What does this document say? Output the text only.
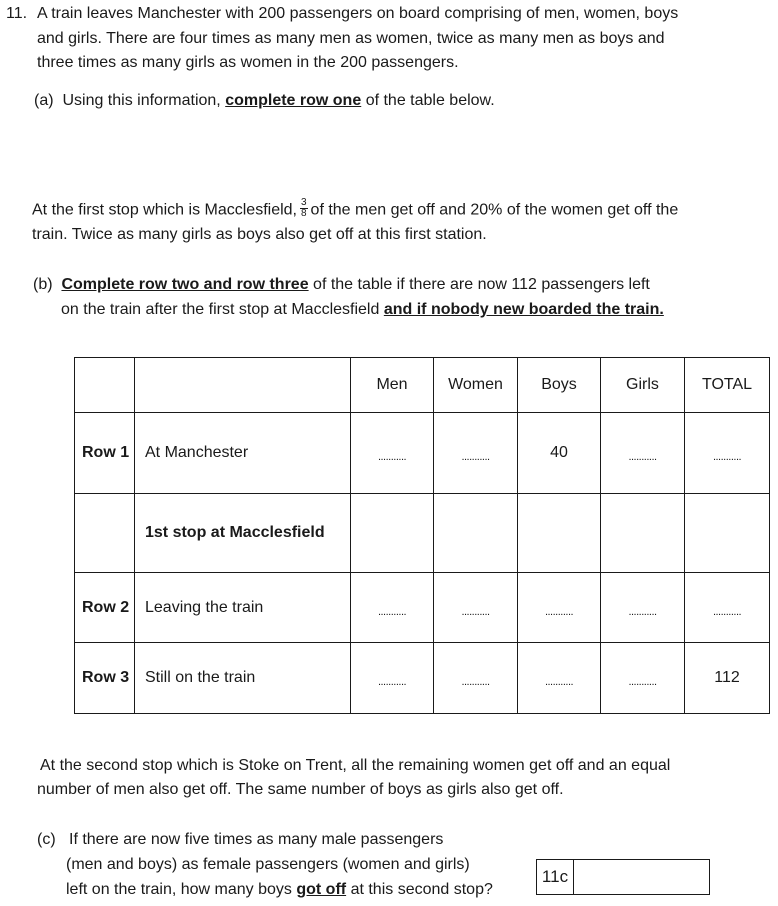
11. A train leaves Manchester with 200 passengers on board comprising of men, women, boys
and girls. There are four times as many men as women, twice as many men as boys and
three times as many girls as women in the 200 passengers.
(a) Using this information, complete row one of the table below.
At the first stop which is Macclesfield, $\frac{3}{8}$ of the men get off and 20% of the women get off the
train. Twice as many girls as boys also get off at this first station.
(b) Complete row two and row three of the table if there are now 112 passengers left
on the train after the first stop at Macclesfield and if nobody new boarded the train.
		Men	Women	Boys	Girls	TOTAL
Row 1	At Manchester	...........	...........	40	...........	...........
	1st stop at Macclesfield					
Row 2	Leaving the train	...........	...........	...........	...........	...........
Row 3	Still on the train	...........	...........	...........	...........	112
At the second stop which is Stoke on Trent, all the remaining women get off and an equal
number of men also get off. The same number of boys as girls also get off.
(c) If there are now five times as many male passengers
(men and boys) as female passengers (women and girls)
left on the train, how many boys got off at this second stop?
11c
